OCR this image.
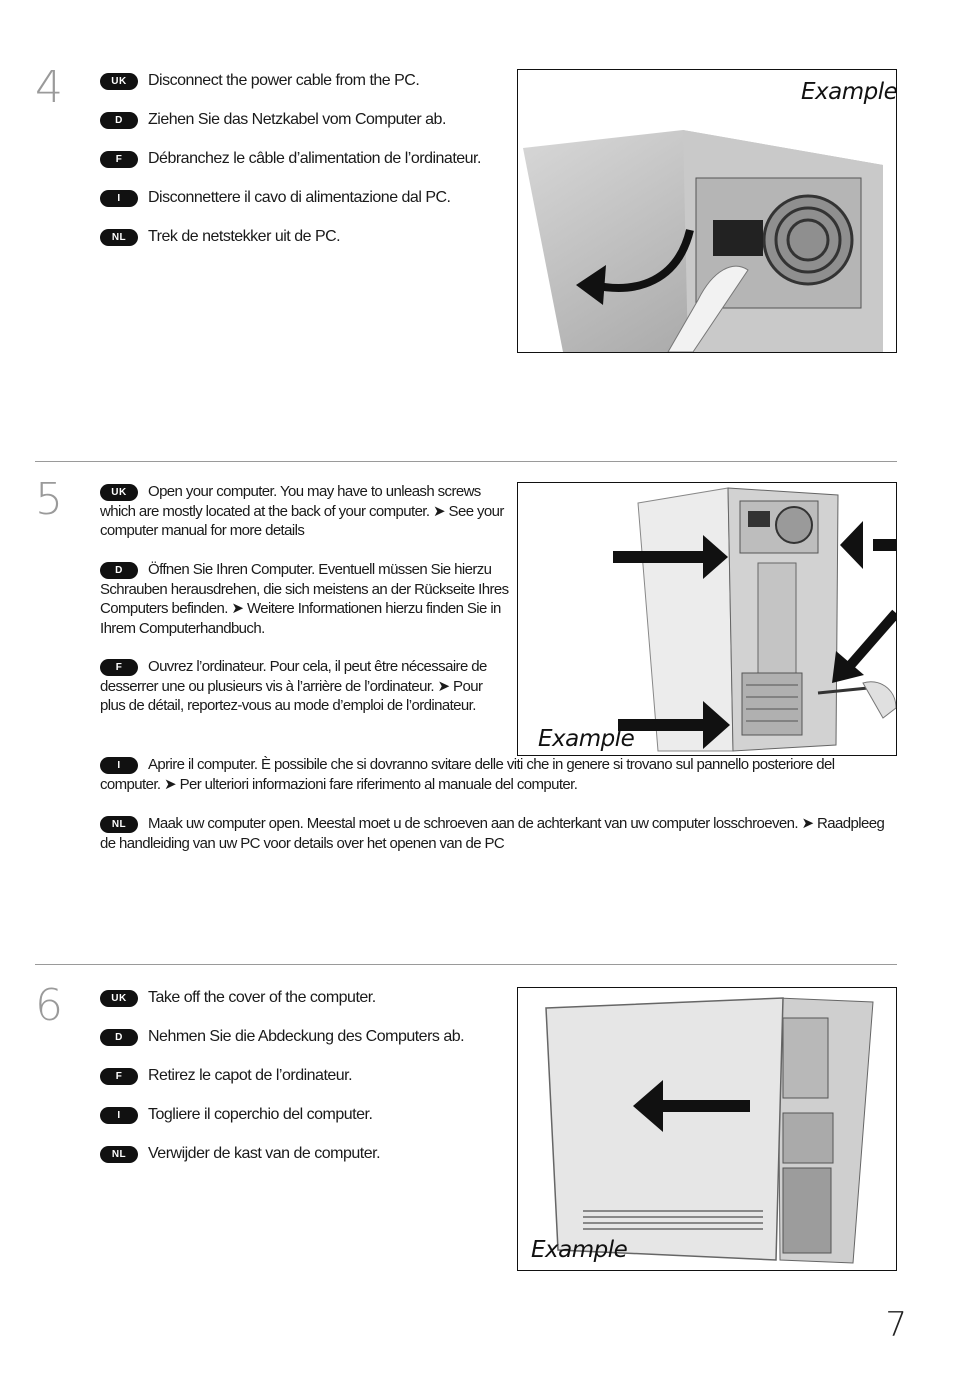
4	UK Disconnect the power cable from the PC.
D Ziehen Sie das Netzkabel vom Computer ab.
F Débranchez le câble d’alimentation de l’ordinateur.
I Disconnettere il cavo di alimentazione dal PC.
NL Trek de netstekker uit de PC.
Example
5	UK Open your computer. You may have to unleash screws which are mostly located at the back of your computer. ➤ See your computer manual for more details
D Öffnen Sie Ihren Computer. Eventuell müssen Sie hierzu Schrauben herausdrehen, die sich meistens an der Rückseite Ihres Computers befinden. ➤ Weitere Informationen hierzu finden Sie in Ihrem Computerhandbuch.
F Ouvrez l’ordinateur. Pour cela, il peut être nécessaire de desserrer une ou plusieurs vis à l’arrière de l’ordinateur. ➤ Pour plus de détail, reportez-vous au mode d’emploi de l’ordinateur.
I Aprire il computer. È possibile che si dovranno svitare delle viti che in genere si trovano sul pannello posteriore del computer. ➤ Per ulteriori informazioni fare riferimento al manuale del computer.
NL Maak uw computer open. Meestal moet u de schroeven aan de achterkant van uw computer losschroeven. ➤ Raadpleeg de handleiding van uw PC voor details over het openen van de PC
Example
6	UK Take off the cover of the computer.
D Nehmen Sie die Abdeckung des Computers ab.
F Retirez le capot de l’ordinateur.
I Togliere il coperchio del computer.
NL Verwijder de kast van de computer.
Example
7
